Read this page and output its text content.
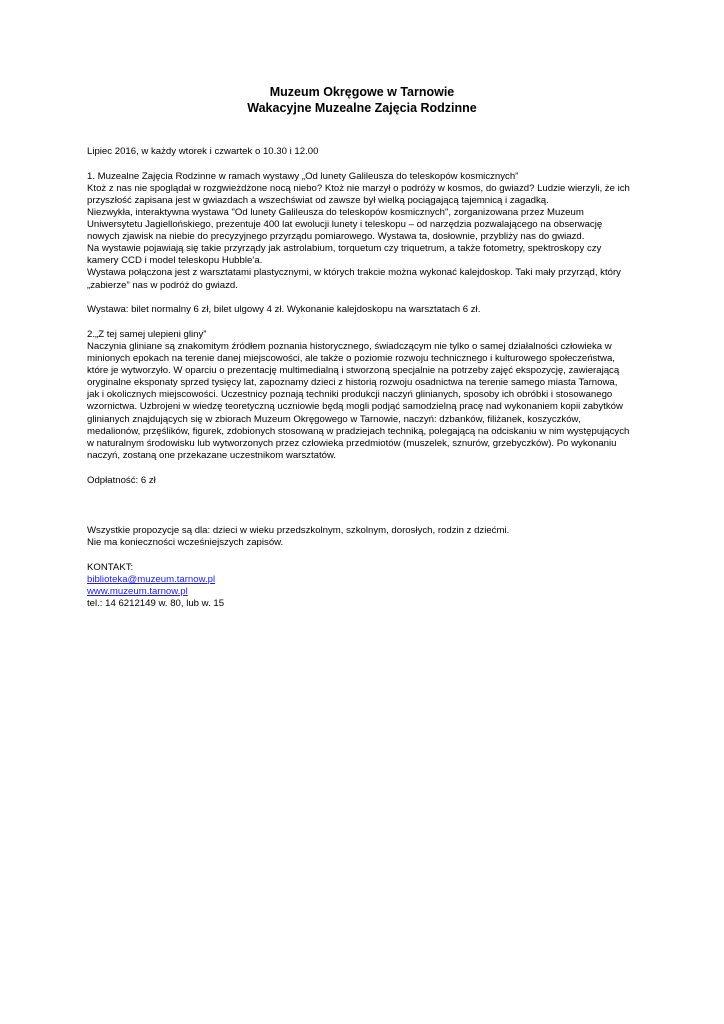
Muzeum Okręgowe w Tarnowie
Wakacyjne Muzealne Zajęcia Rodzinne
Lipiec 2016, w każdy wtorek i czwartek o 10.30 i 12.00
1. Muzealne Zajęcia Rodzinne w ramach wystawy „Od lunety Galileusza do teleskopów kosmicznych”
Ktoż z nas nie spoglądał w rozgwieżdżone nocą niebo? Ktoż nie marzył o podróży w kosmos, do gwiazd? Ludzie wierzyli, że ich
przyszłość zapisana jest w gwiazdach a wszechświat od zawsze był wielką pociągającą tajemnicą i zagadką.
Niezwykła, interaktywna wystawa "Od lunety Galileusza do teleskopów kosmicznych", zorganizowana przez Muzeum
Uniwersytetu Jagiellońskiego, prezentuje 400 lat ewolucji lunety i teleskopu – od narzędzia pozwalającego na obserwację
nowych zjawisk na niebie do precyzyjnego przyrządu pomiarowego. Wystawa ta, dosłownie, przybliży nas do gwiazd.
Na wystawie pojawiają się takie przyrządy jak astrolabium, torquetum czy triquetrum, a także fotometry, spektroskopy czy
kamery CCD i model teleskopu Hubble’a.
Wystawa połączona jest z warsztatami plastycznymi, w których trakcie można wykonać kalejdoskop. Taki mały przyrząd, który
„zabierze” nas w podróż do gwiazd.
Wystawa: bilet normalny 6 zł, bilet ulgowy 4 zł. Wykonanie kalejdoskopu na warsztatach 6 zł.
2.„Z tej samej ulepieni gliny”
Naczynia gliniane są znakomitym źródłem poznania historycznego, świadczącym nie tylko o samej działalności człowieka w
minionych epokach na terenie danej miejscowości, ale także o poziomie rozwoju technicznego i kulturowego społeczeństwa,
które je wytworzyło. W oparciu o prezentację multimedialną i stworzoną specjalnie na potrzeby zajęć ekspozycję, zawierającą
oryginalne eksponaty sprzed tysięcy lat, zapoznamy dzieci z historią rozwoju osadnictwa na terenie samego miasta Tarnowa,
jak i okolicznych miejscowości. Uczestnicy poznają techniki produkcji naczyń glinianych, sposoby ich obróbki i stosowanego
wzornictwa. Uzbrojeni w wiedzę teoretyczną uczniowie będą mogli podjąć samodzielną pracę nad wykonaniem kopii zabytków
glinianych znajdujących się w zbiorach Muzeum Okręgowego w Tarnowie, naczyń: dzbanków, filiżanek, koszyczków,
medalionów, przęślików, figurek, zdobionych stosowaną w pradziejach techniką, polegającą na odciskaniu w nim występujących
w naturalnym środowisku lub wytworzonych przez człowieka przedmiotów (muszelek, sznurów, grzebyczków). Po wykonaniu
naczyń, zostaną one przekazane uczestnikom warsztatów.
Odpłatność: 6 zł
Wszystkie propozycje są dla: dzieci w wieku przedszkolnym, szkolnym, dorosłych, rodzin z dziećmi.
Nie ma konieczności wcześniejszych zapisów.
KONTAKT:
biblioteka@muzeum.tarnow.pl
www.muzeum.tarnow.pl
tel.: 14 6212149 w. 80, lub w. 15
